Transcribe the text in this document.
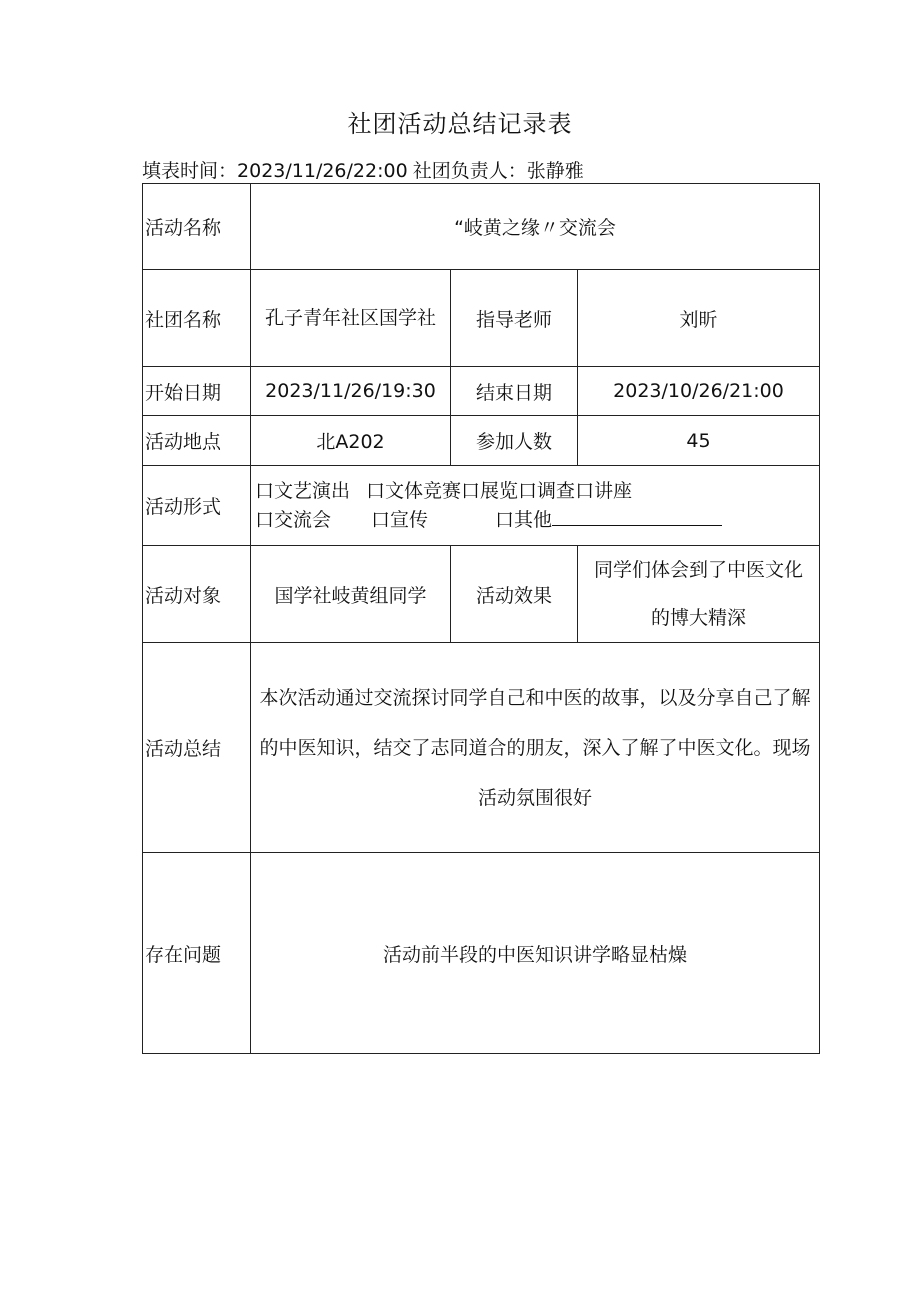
社团活动总结记录表
填表时间：2023/11/26/22:00 社团负责人：张静雅
活动名称	“岐黄之缘〃交流会		
社团名称	孔子青年社区国学社	指导老师	刘昕
开始日期	2023/11/26/19:30	结束日期	2023/10/26/21:00
活动地点	北A202	参加人数	45
活动形式	口文艺演出 口文体竞赛口展览口调查口讲座
口交流会 口宣传 口其他		
活动对象	国学社岐黄组同学	活动效果	同学们体会到了中医文化的博大精深
活动总结	本次活动通过交流探讨同学自己和中医的故事，以及分享自己了解的中医知识，结交了志同道合的朋友，深入了解了中医文化。现场活动氛围很好		
存在问题	活动前半段的中医知识讲学略显枯燥		
